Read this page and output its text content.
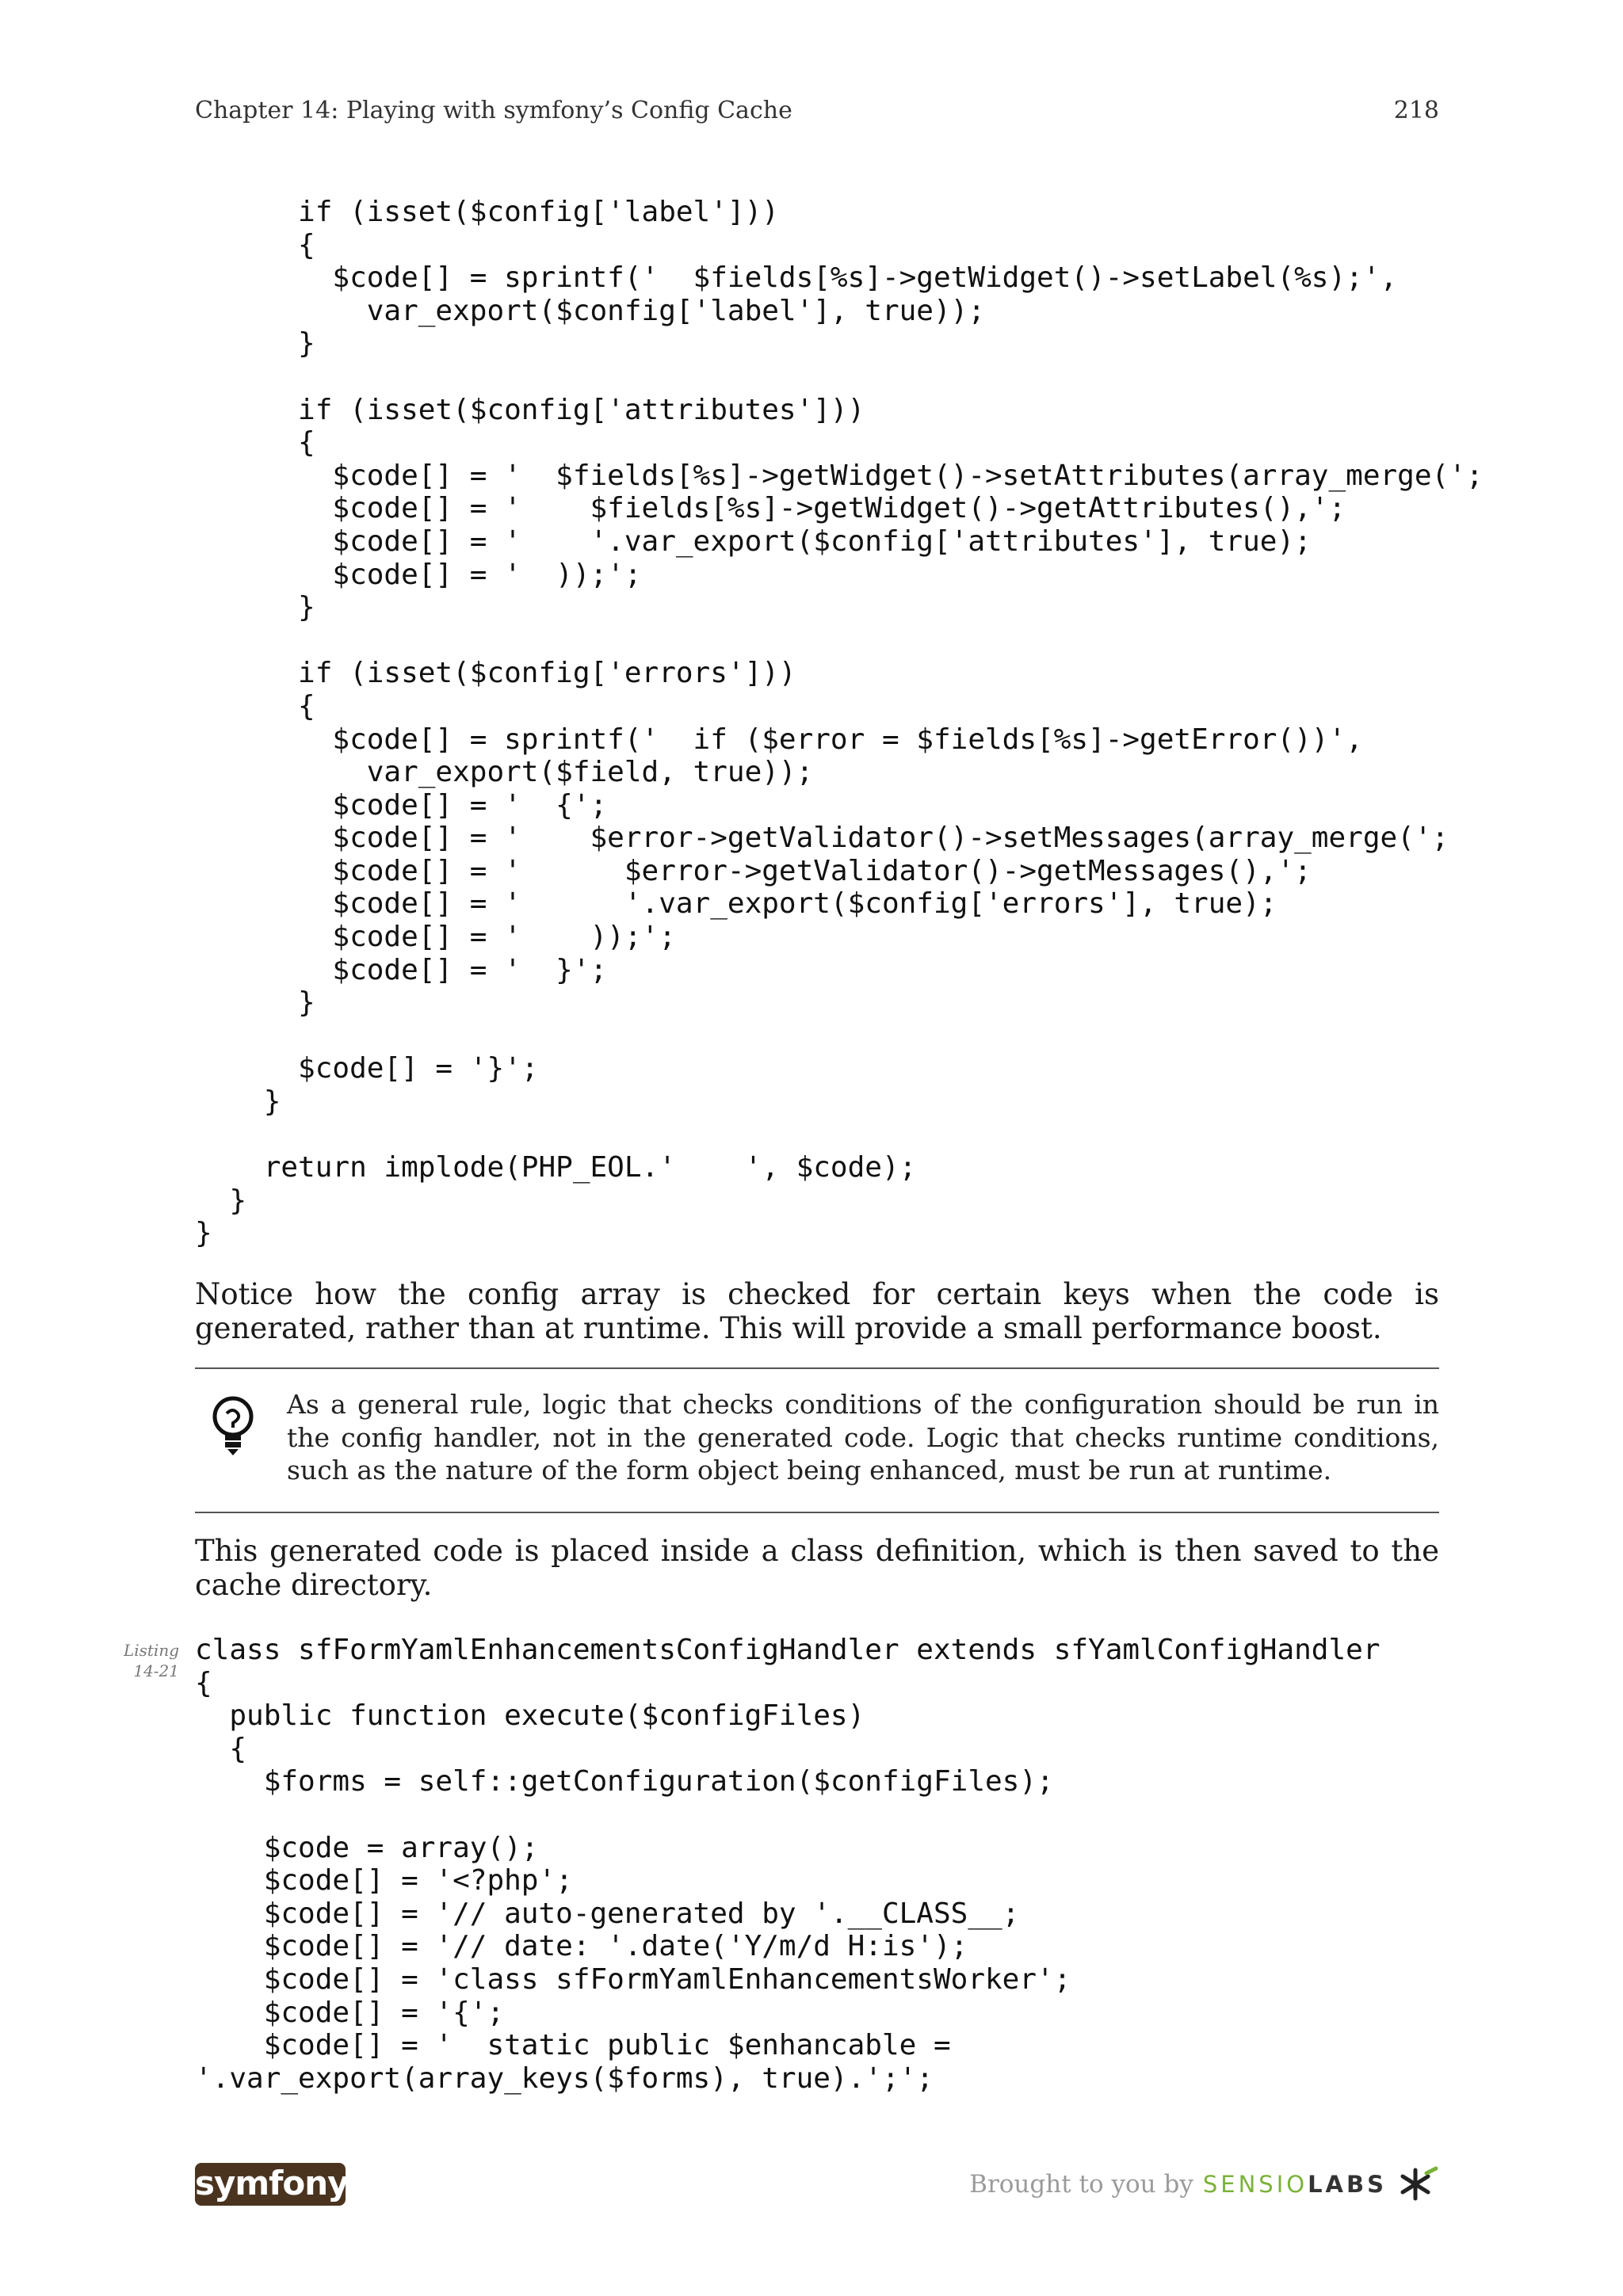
Chapter 14: Playing with symfony’s Config Cache	218
if (isset($config['label']))
{
$code[] = sprintf('  $fields[%s]->getWidget()->setLabel(%s);',
var_export($config['label'], true));
}

if (isset($config['attributes']))
{
$code[] = '  $fields[%s]->getWidget()->setAttributes(array_merge(';
$code[] = '    $fields[%s]->getWidget()->getAttributes(),';
$code[] = '    '.var_export($config['attributes'], true);
$code[] = '  ));';
}

if (isset($config['errors']))
{
$code[] = sprintf('  if ($error = $fields[%s]->getError())',
var_export($field, true));
$code[] = '  {';
$code[] = '    $error->getValidator()->setMessages(array_merge(';
$code[] = '      $error->getValidator()->getMessages(),';
$code[] = '      '.var_export($config['errors'], true);
$code[] = '    ));';
$code[] = '  }';
}

$code[] = '}';
}

return implode(PHP_EOL.'    ', $code);
}
}

Notice how the config array is checked for certain keys when the code is generated, rather than at runtime. This will provide a small performance boost.

As a general rule, logic that checks conditions of the configuration should be run in the config handler, not in the generated code. Logic that checks runtime conditions, such as the nature of the form object being enhanced, must be run at runtime.

This generated code is placed inside a class definition, which is then saved to the cache directory.

Listing
14-21
class sfFormYamlEnhancementsConfigHandler extends sfYamlConfigHandler
{
public function execute($configFiles)
{
$forms = self::getConfiguration($configFiles);

$code = array();
$code[] = '<?php';
$code[] = '// auto-generated by '.__CLASS__;
$code[] = '// date: '.date('Y/m/d H:is');
$code[] = 'class sfFormYamlEnhancementsWorker';
$code[] = '{';
$code[] = '  static public $enhancable =
'.var_export(array_keys($forms), true).';';
symfony	Brought to you by SENSIOLABS
